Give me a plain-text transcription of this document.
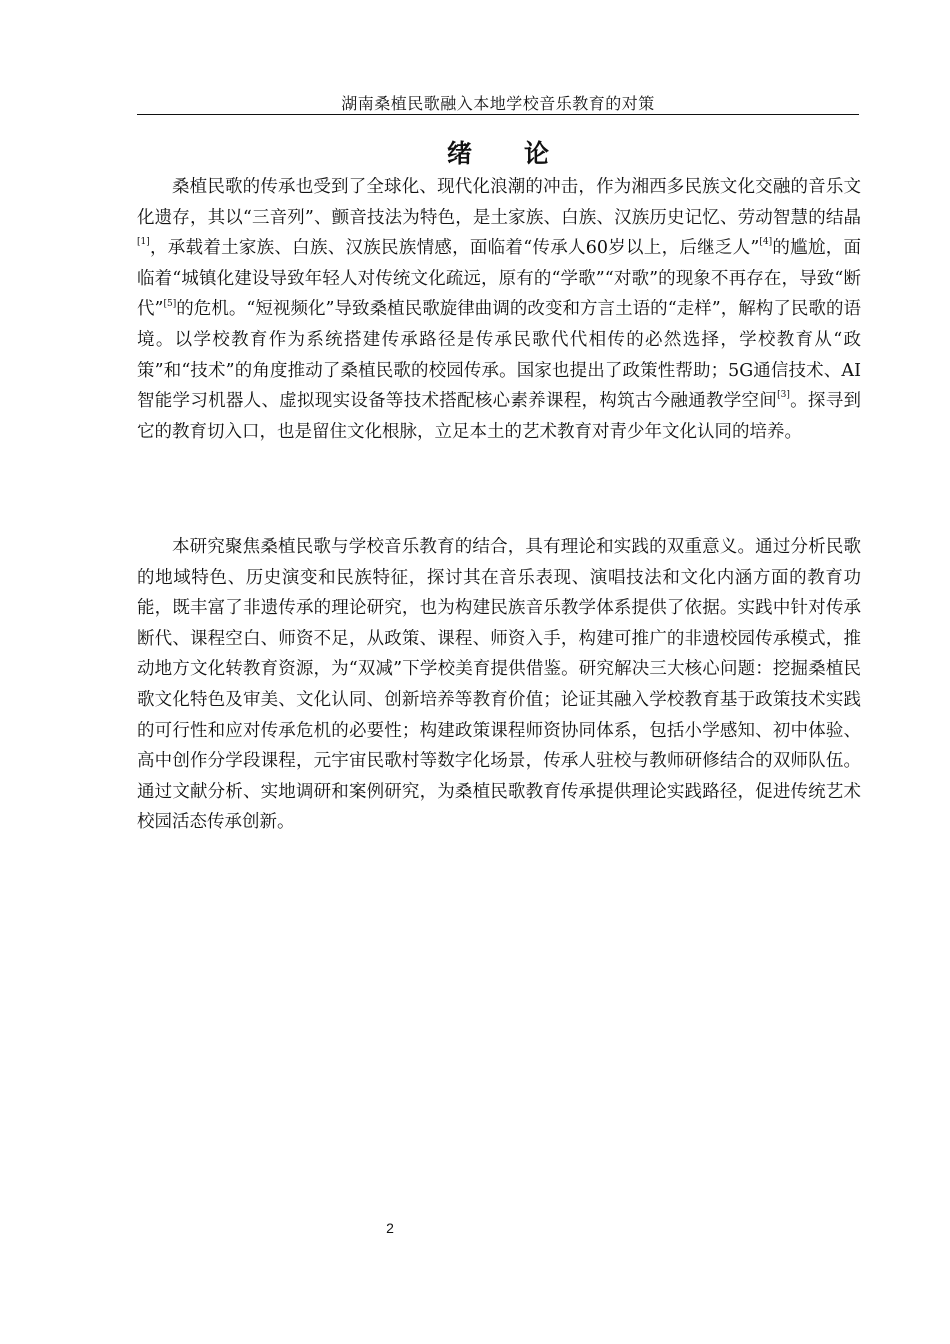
湖南桑植民歌融入本地学校音乐教育的对策
绪 论

桑植民歌的传承也受到了全球化、现代化浪潮的冲击，作为湘西多民族文化交融的音乐文化遗存，其以“三音列”、颤音技法为特色，是土家族、白族、汉族历史记忆、劳动智慧的结晶[1]，承载着土家族、白族、汉族民族情感，面临着“传承人60岁以上，后继乏人”[4]的尴尬，面临着“城镇化建设导致年轻人对传统文化疏远，原有的“学歌”“对歌”的现象不再存在，导致“断代”[5]的危机。“短视频化”导致桑植民歌旋律曲调的改变和方言土语的“走样”，解构了民歌的语境。以学校教育作为系统搭建传承路径是传承民歌代代相传的必然选择，学校教育从“政策”和“技术”的角度推动了桑植民歌的校园传承。国家也提出了政策性帮助；5G通信技术、AI智能学习机器人、虚拟现实设备等技术搭配核心素养课程，构筑古今融通教学空间[3]。探寻到它的教育切入口，也是留住文化根脉，立足本土的艺术教育对青少年文化认同的培养。

本研究聚焦桑植民歌与学校音乐教育的结合，具有理论和实践的双重意义。通过分析民歌的地域特色、历史演变和民族特征，探讨其在音乐表现、演唱技法和文化内涵方面的教育功能，既丰富了非遗传承的理论研究，也为构建民族音乐教学体系提供了依据。实践中针对传承断代、课程空白、师资不足，从政策、课程、师资入手，构建可推广的非遗校园传承模式，推动地方文化转教育资源，为“双减”下学校美育提供借鉴。研究解决三大核心问题：挖掘桑植民歌文化特色及审美、文化认同、创新培养等教育价值；论证其融入学校教育基于政策技术实践的可行性和应对传承危机的必要性；构建政策课程师资协同体系，包括小学感知、初中体验、高中创作分学段课程，元宇宙民歌村等数字化场景，传承人驻校与教师研修结合的双师队伍。通过文献分析、实地调研和案例研究，为桑植民歌教育传承提供理论实践路径，促进传统艺术校园活态传承创新。

2
